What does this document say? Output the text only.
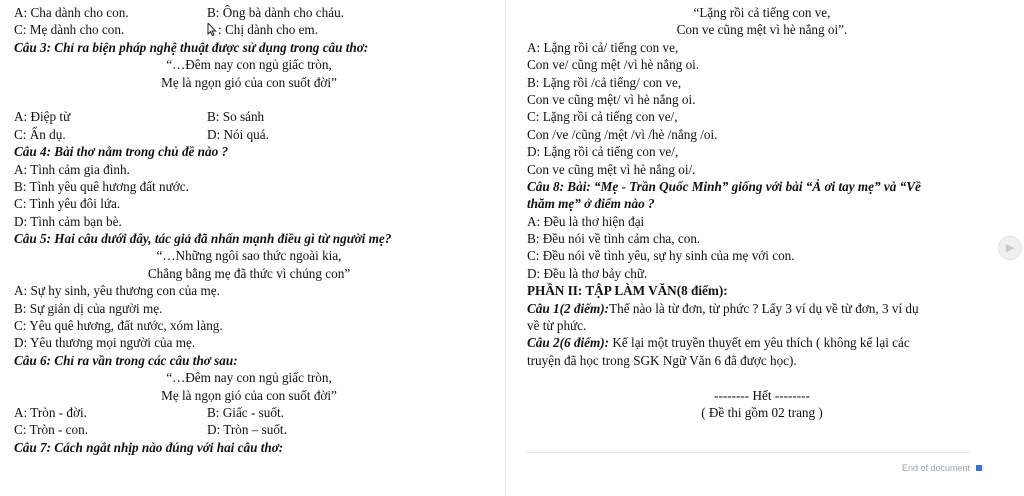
A: Cha dành cho con.	B: Ông bà dành cho cháu.
C: Mẹ dành cho con.	: Chị dành cho em.
Câu 3: Chỉ ra biện pháp nghệ thuật được sử dụng trong câu thơ:
“…Đêm nay con ngủ giấc tròn,
Mẹ là ngọn gió của con suốt đời”
A: Điệp từ	B: So sánh
C: Ẩn dụ.	D: Nói quá.
Câu 4: Bài thơ nằm trong chủ đề nào ?
A: Tình cảm gia đình.
B: Tình yêu quê hương đất nước.
C: Tình yêu đôi lứa.
D: Tình cảm bạn bè.
Câu 5: Hai câu dưới đây, tác giả đã nhấn mạnh điều gì từ người mẹ?
“…Những ngôi sao thức ngoài kia,
Chẳng bằng mẹ đã thức vì chúng con”
A: Sự hy sinh, yêu thương con của mẹ.
B: Sự giản dị của người mẹ.
C: Yêu quê hương, đất nước, xóm làng.
D: Yêu thương mọi người của mẹ.
Câu 6: Chỉ ra vần trong các câu thơ sau:
“…Đêm nay con ngủ giấc tròn,
Mẹ là ngọn gió của con suốt đời”
A: Tròn - đời.	B: Giấc - suốt.
C: Tròn - con.	D: Tròn – suốt.
Câu 7: Cách ngắt nhịp nào đúng với hai câu thơ:
“Lặng rồi cả tiếng con ve,
Con ve cũng mệt vì hè nắng oi”.
A: Lặng rồi cả/ tiếng con ve,
Con ve/ cũng mệt /vì hè nắng oi.
B: Lặng rồi /cả tiếng/ con ve,
Con ve cũng mệt/ vì hè nắng oi.
C: Lặng rồi cả tiếng con ve/,
Con /ve /cũng /mệt /vì /hè /nắng /oi.
D: Lặng rồi cả tiếng con ve/,
Con ve cũng mệt vì hè nắng oi/.
Câu 8: Bài: “Mẹ - Trần Quốc Minh” giống với bài “Ả ơi tay mẹ” và “Về
thăm mẹ” ở điểm nào ?
A: Đều là thơ hiện đại
B: Đều nói về tình cảm cha, con.
C: Đều nói về tình yêu, sự hy sinh của mẹ với con.
D: Đều là thơ bảy chữ.
PHẦN II: TẬP LÀM VĂN(8 điểm):
Câu 1(2 điểm):Thế nào là từ đơn, từ phức ? Lấy 3 ví dụ về từ đơn, 3 ví dụ
về từ phức.
Câu 2(6 điểm): Kể lại một truyền thuyết em yêu thích ( không kể lại các
truyện đã học trong SGK Ngữ Văn 6 đã được học).
-------- Hết --------
( Đề thi gồm 02 trang )
End of document
▶
